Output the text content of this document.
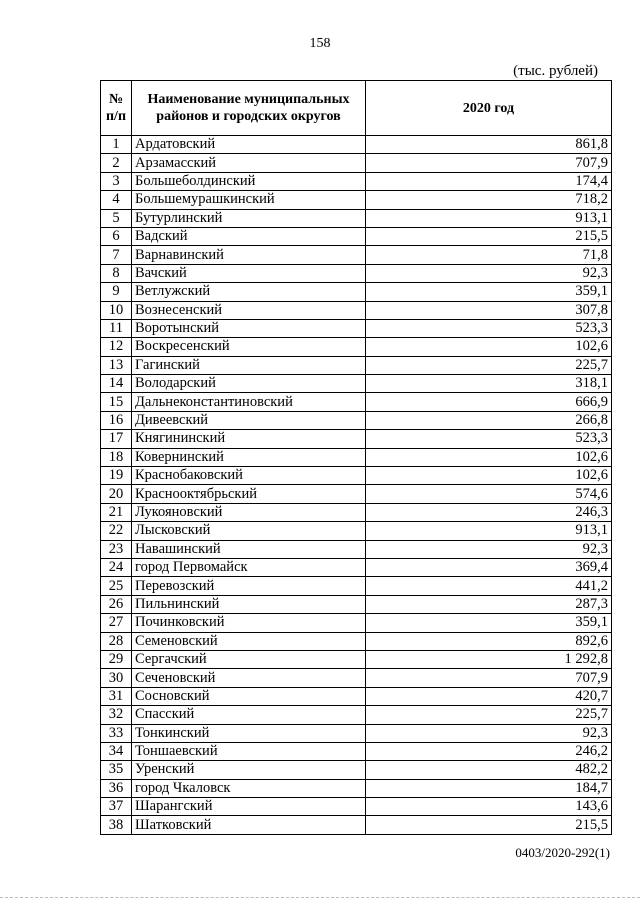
158
(тыс. рублей)
№ п/п	Наименование муниципальных районов и городских округов	2020 год
1	Ардатовский	861,8
2	Арзамасский	707,9
3	Большеболдинский	174,4
4	Большемурашкинский	718,2
5	Бутурлинский	913,1
6	Вадский	215,5
7	Варнавинский	71,8
8	Вачский	92,3
9	Ветлужский	359,1
10	Вознесенский	307,8
11	Воротынский	523,3
12	Воскресенский	102,6
13	Гагинский	225,7
14	Володарский	318,1
15	Дальнеконстантиновский	666,9
16	Дивеевский	266,8
17	Княгининский	523,3
18	Ковернинский	102,6
19	Краснобаковский	102,6
20	Краснооктябрьский	574,6
21	Лукояновский	246,3
22	Лысковский	913,1
23	Навашинский	92,3
24	город Первомайск	369,4
25	Перевозский	441,2
26	Пильнинский	287,3
27	Починковский	359,1
28	Семеновский	892,6
29	Сергачский	1 292,8
30	Сеченовский	707,9
31	Сосновский	420,7
32	Спасский	225,7
33	Тонкинский	92,3
34	Тоншаевский	246,2
35	Уренский	482,2
36	город Чкаловск	184,7
37	Шарангский	143,6
38	Шатковский	215,5
0403/2020-292(1)
